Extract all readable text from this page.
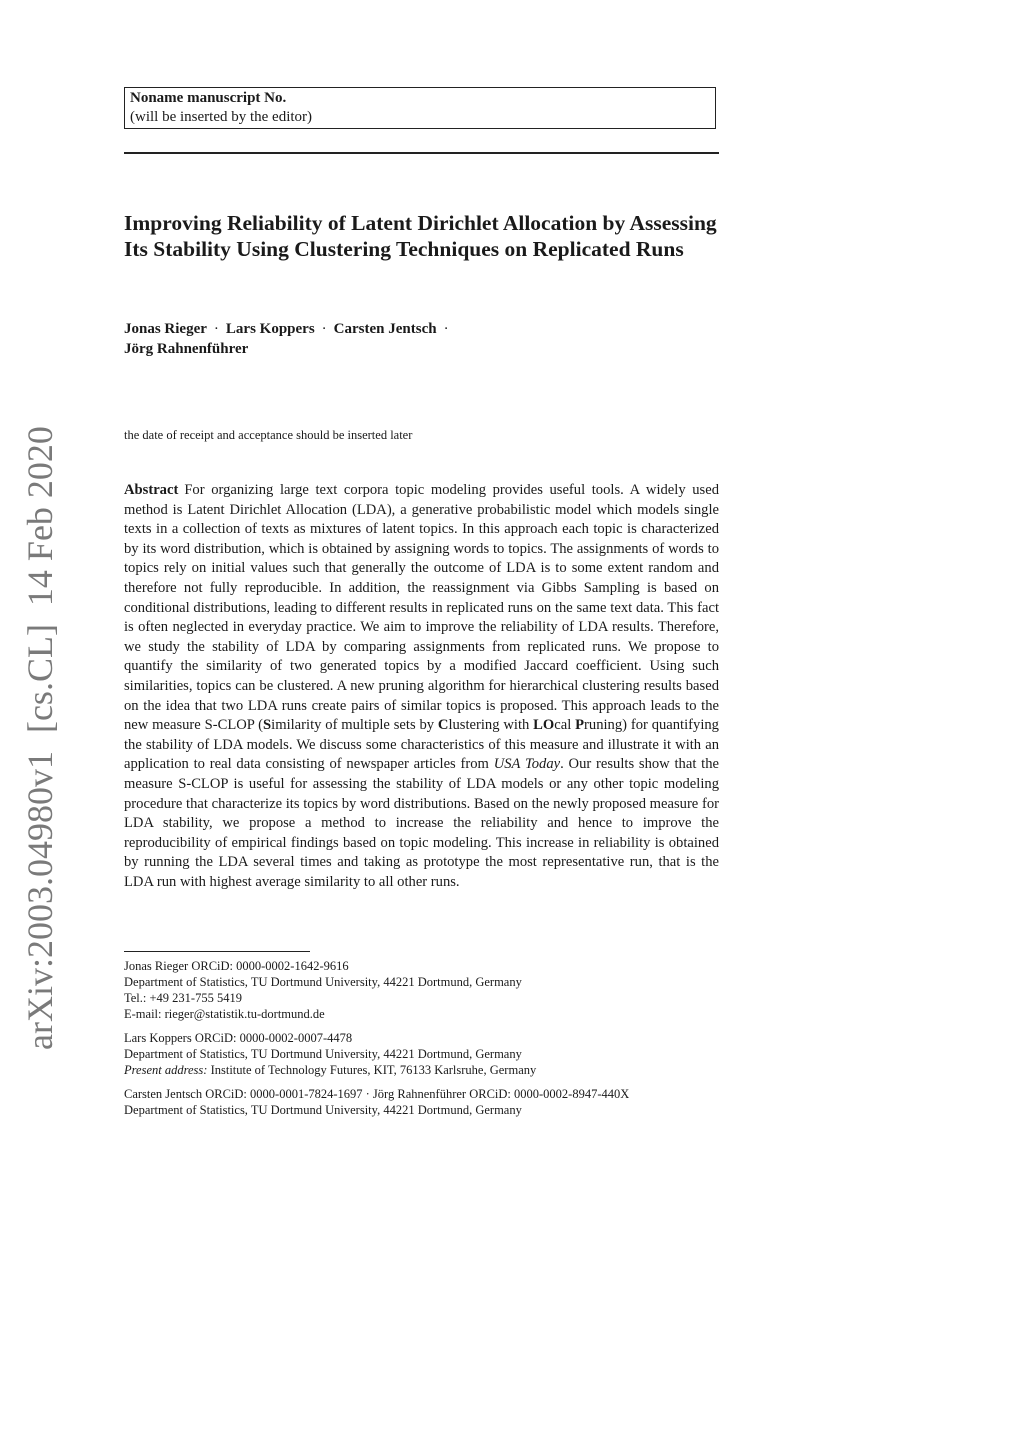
Noname manuscript No.
(will be inserted by the editor)
Improving Reliability of Latent Dirichlet Allocation by Assessing Its Stability Using Clustering Techniques on Replicated Runs
Jonas Rieger · Lars Koppers · Carsten Jentsch ·
Jörg Rahnenführer
the date of receipt and acceptance should be inserted later
arXiv:2003.04980v1  [cs.CL]  14 Feb 2020	Abstract For organizing large text corpora topic modeling provides useful tools. A widely used method is Latent Dirichlet Allocation (LDA), a generative probabilistic model which models single texts in a collection of texts as mixtures of latent topics. In this approach each topic is characterized by its word distribution, which is obtained by assigning words to topics. The assignments of words to topics rely on initial values such that generally the outcome of LDA is to some extent random and therefore not fully reproducible. In addition, the reassignment via Gibbs Sampling is based on conditional distributions, leading to different results in replicated runs on the same text data. This fact is often neglected in everyday practice. We aim to improve the reliability of LDA results. Therefore, we study the stability of LDA by comparing assignments from replicated runs. We propose to quantify the similarity of two generated topics by a modified Jaccard coefficient. Using such similarities, topics can be clustered. A new pruning algorithm for hierarchical clustering results based on the idea that two LDA runs create pairs of similar topics is proposed. This approach leads to the new measure S-CLOP (Similarity of multiple sets by Clustering with LOcal Pruning) for quantifying the stability of LDA models. We discuss some characteristics of this measure and illustrate it with an application to real data consisting of newspaper articles from USA Today. Our results show that the measure S-CLOP is useful for assessing the stability of LDA models or any other topic modeling procedure that characterize its topics by word distributions. Based on the newly proposed measure for LDA stability, we propose a method to increase the reliability and hence to improve the reproducibility of empirical findings based on topic modeling. This increase in reliability is obtained by running the LDA several times and taking as prototype the most representative run, that is the LDA run with highest average similarity to all other runs.
Jonas Rieger ORCiD: 0000-0002-1642-9616
Department of Statistics, TU Dortmund University, 44221 Dortmund, Germany
Tel.: +49 231-755 5419
E-mail: rieger@statistik.tu-dortmund.de
Lars Koppers ORCiD: 0000-0002-0007-4478
Department of Statistics, TU Dortmund University, 44221 Dortmund, Germany
Present address: Institute of Technology Futures, KIT, 76133 Karlsruhe, Germany
Carsten Jentsch ORCiD: 0000-0001-7824-1697 · Jörg Rahnenführer ORCiD: 0000-0002-8947-440X
Department of Statistics, TU Dortmund University, 44221 Dortmund, Germany
